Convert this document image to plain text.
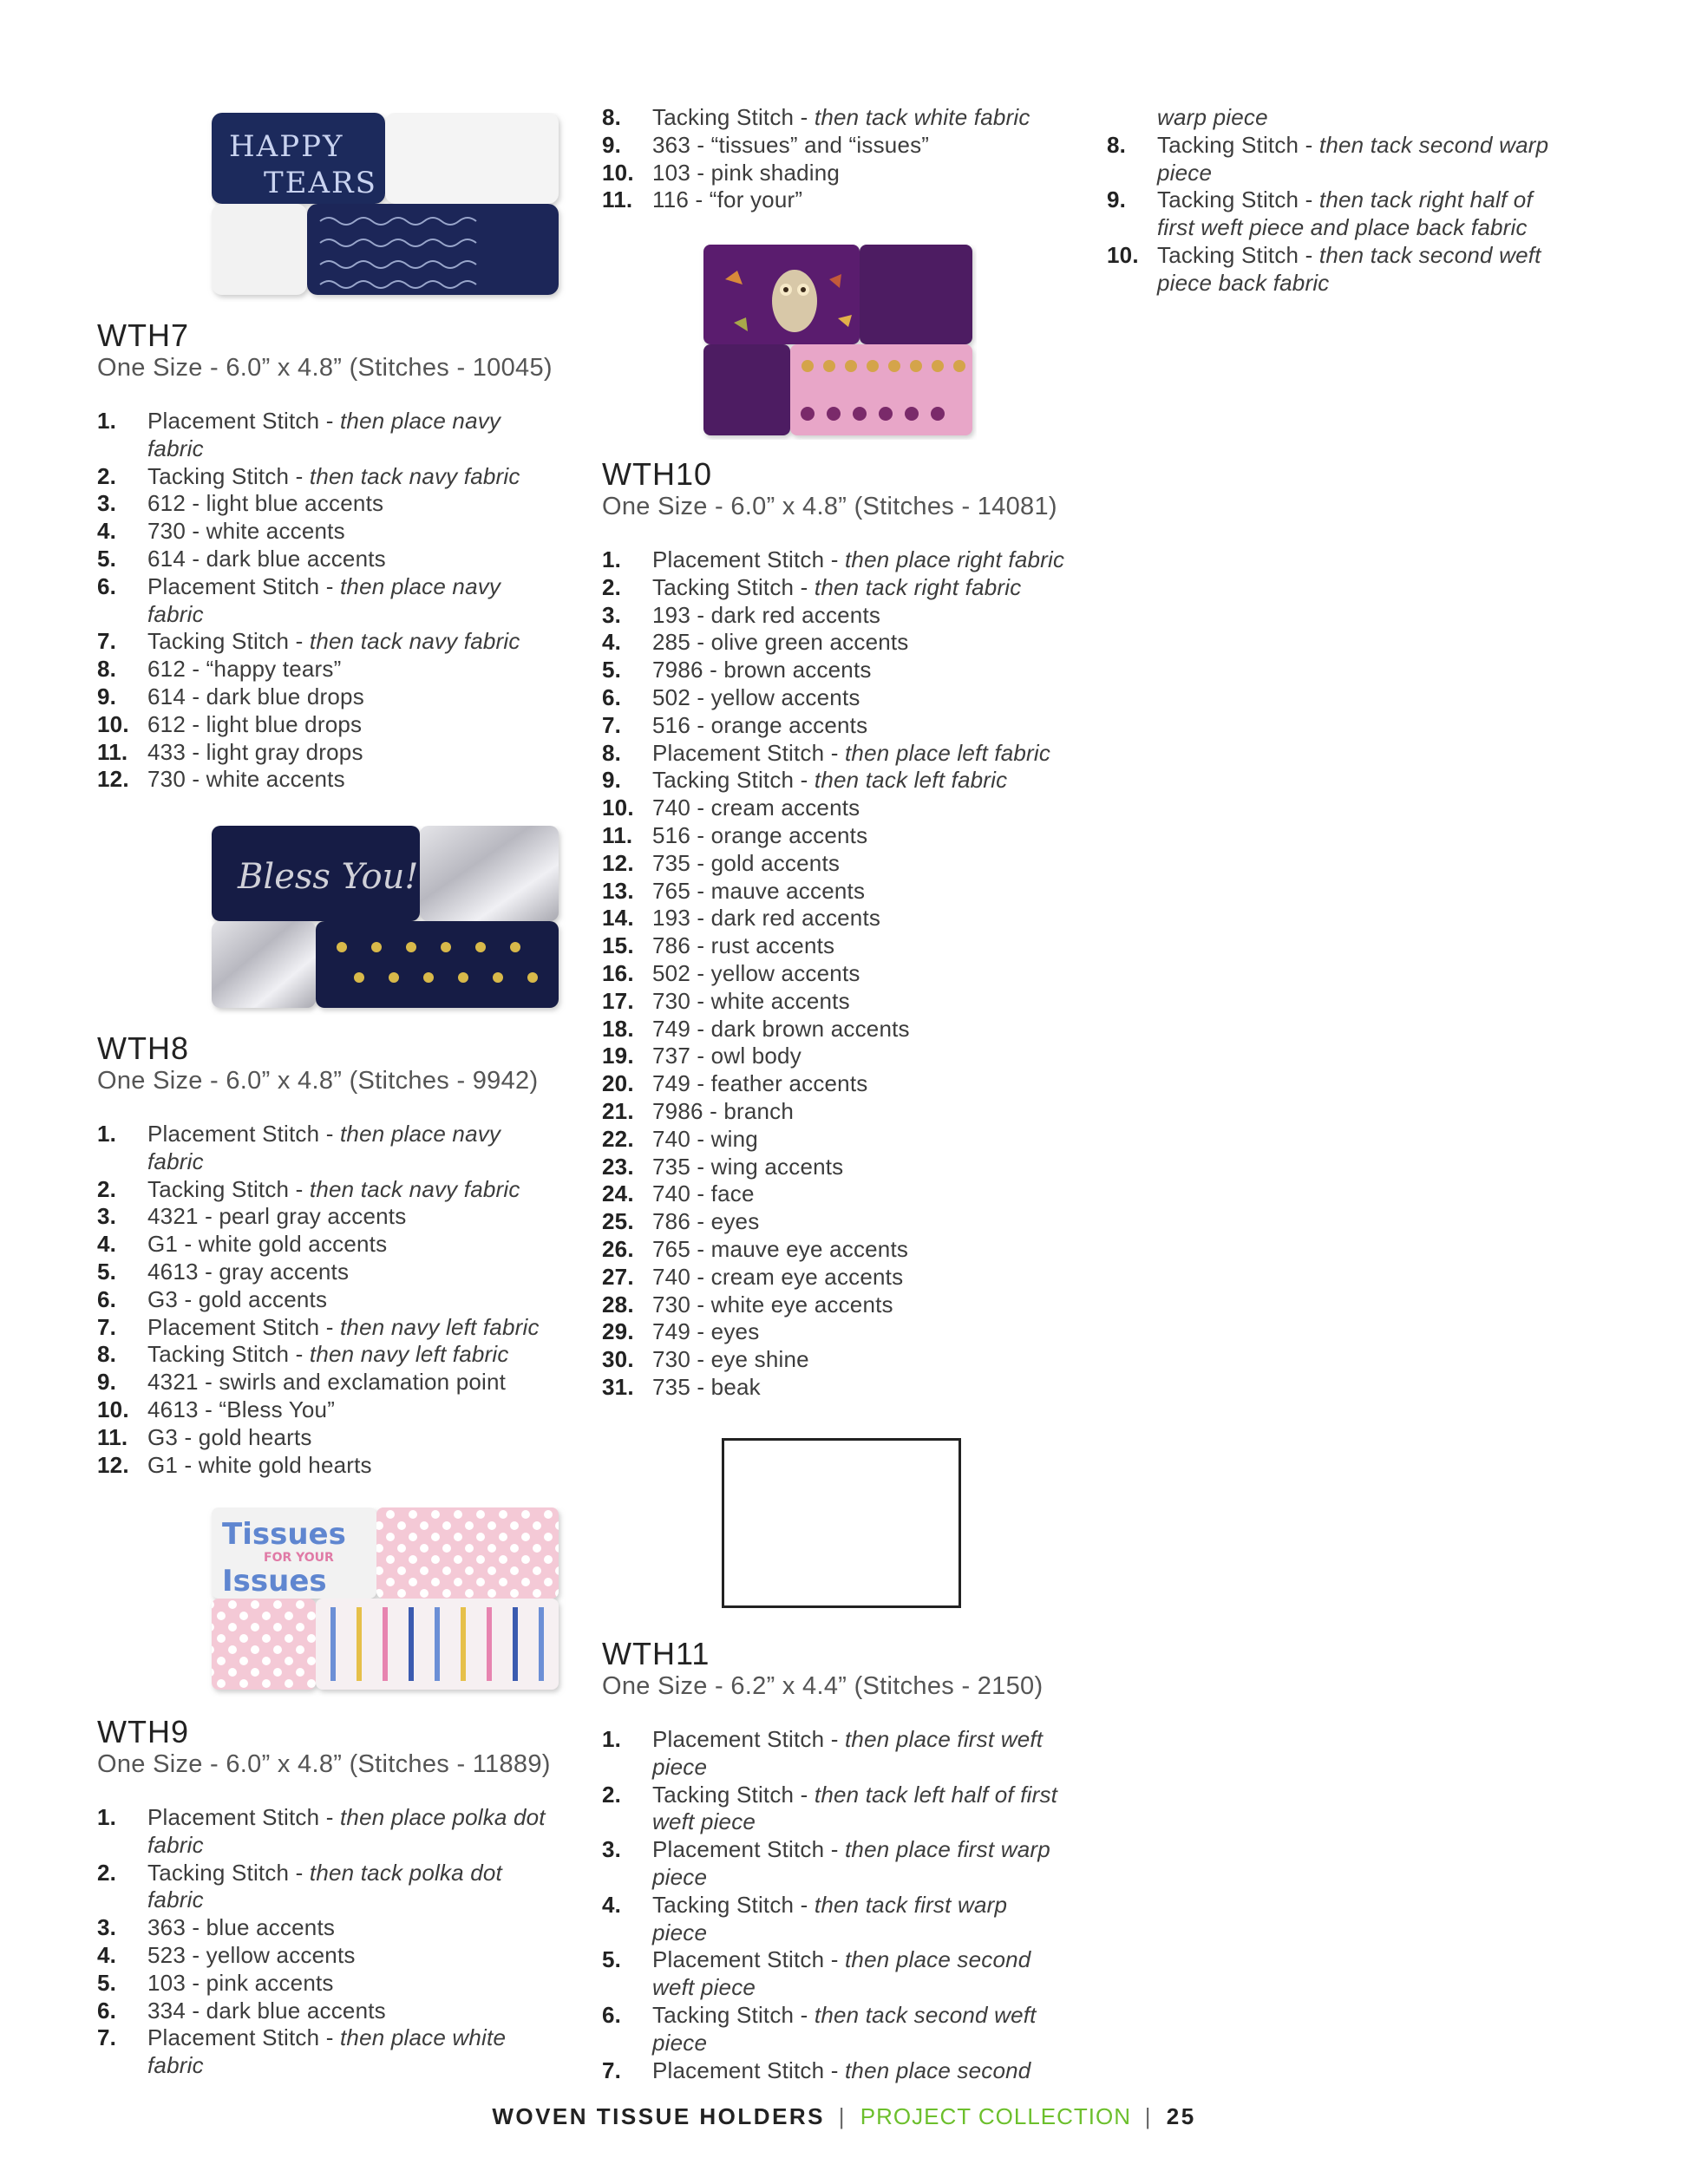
HAPPY
TEARS

WTH7

One Size - 6.0” x 4.8” (Stitches - 10045)

1. Placement Stitch - then place navy
fabric
2. Tacking Stitch - then tack navy fabric
3. 612 - light blue accents
4. 730 - white accents
5. 614 - dark blue accents
6. Placement Stitch - then place navy
fabric
7. Tacking Stitch - then tack navy fabric
8. 612 - “happy tears”
9. 614 - dark blue drops
10. 612 - light blue drops
11. 433 - light gray drops
12. 730 - white accents
Bless You!

WTH8

One Size - 6.0” x 4.8” (Stitches - 9942)

1. Placement Stitch - then place navy
fabric
2. Tacking Stitch - then tack navy fabric
3. 4321 - pearl gray accents
4. G1 - white gold accents
5. 4613 - gray accents
6. G3 - gold accents
7. Placement Stitch - then navy left fabric
8. Tacking Stitch - then navy left fabric
9. 4321 - swirls and exclamation point
10. 4613 - “Bless You”
11. G3 - gold hearts
12. G1 - white gold hearts
Tissues
FOR YOUR
Issues

WTH9

One Size - 6.0” x 4.8” (Stitches - 11889)

1. Placement Stitch - then place polka dot
fabric
2. Tacking Stitch - then tack polka dot
fabric
3. 363 - blue accents
4. 523 - yellow accents
5. 103 - pink accents
6. 334 - dark blue accents
7. Placement Stitch - then place white
fabric
8. Tacking Stitch - then tack white fabric
9. 363 - “tissues” and “issues”
10. 103 - pink shading
11. 116 - “for your”

WTH10

One Size - 6.0” x 4.8” (Stitches - 14081)

1. Placement Stitch - then place right fabric
2. Tacking Stitch - then tack right fabric
3. 193 - dark red accents
4. 285 - olive green accents
5. 7986 - brown accents
6. 502 - yellow accents
7. 516 - orange accents
8. Placement Stitch - then place left fabric
9. Tacking Stitch - then tack left fabric
10. 740 - cream accents
11. 516 - orange accents
12. 735 - gold accents
13. 765 - mauve accents
14. 193 - dark red accents
15. 786 - rust accents
16. 502 - yellow accents
17. 730 - white accents
18. 749 - dark brown accents
19. 737 - owl body
20. 749 - feather accents
21. 7986 - branch
22. 740 - wing
23. 735 - wing accents
24. 740 - face
25. 786 - eyes
26. 765 - mauve eye accents
27. 740 - cream eye accents
28. 730 - white eye accents
29. 749 - eyes
30. 730 - eye shine
31. 735 - beak

WTH11

One Size - 6.2” x 4.4” (Stitches - 2150)

1. Placement Stitch - then place first weft
piece
2. Tacking Stitch - then tack left half of first
weft piece
3. Placement Stitch - then place first warp
piece
4. Tacking Stitch - then tack first warp
piece
5. Placement Stitch - then place second
weft piece
6. Tacking Stitch - then tack second weft
piece
7. Placement Stitch - then place second
warp piece
8. Tacking Stitch - then tack second warp
piece
9. Tacking Stitch - then tack right half of
first weft piece and place back fabric
10. Tacking Stitch - then tack second weft
piece back fabric
WOVEN TISSUE HOLDERS | PROJECT COLLECTION | 25
